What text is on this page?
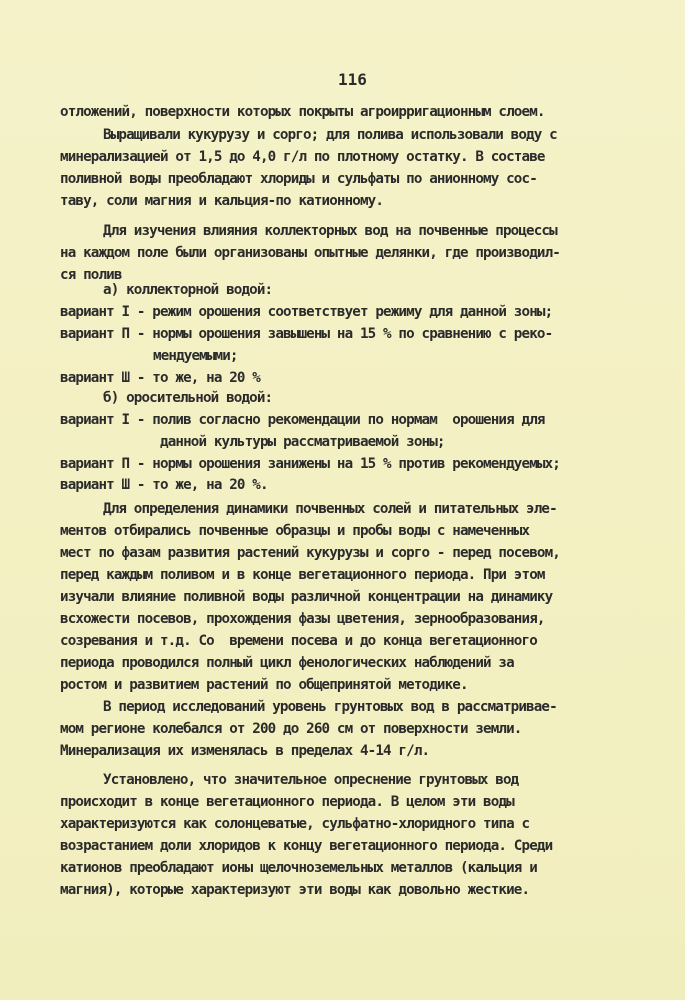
116
отложений, поверхности которых покрыты агроирригационным слоем.
Выращивали кукурузу и сорго; для полива использовали воду с
минерализацией от 1,5 до 4,0 г/л по плотному остатку. В составе
поливной воды преобладают хлориды и сульфаты по анионному сос-
таву, соли магния и кальция-по катионному.
Для изучения влияния коллекторных вод на почвенные процессы
на каждом поле были организованы опытные делянки, где производил-
ся полив
а) коллекторной водой:
вариант I - режим орошения соответствует режиму для данной зоны;
вариант П - нормы орошения завышены на 15 % по сравнению с реко-
мендуемыми;
вариант Ш - то же, на 20 %
б) оросительной водой:
вариант I - полив согласно рекомендации по нормам  орошения для
данной культуры рассматриваемой зоны;
вариант П - нормы орошения занижены на 15 % против рекомендуемых;
вариант Ш - то же, на 20 %.
Для определения динамики почвенных солей и питательных эле-
ментов отбирались почвенные образцы и пробы воды с намеченных
мест по фазам развития растений кукурузы и сорго - перед посевом,
перед каждым поливом и в конце вегетационного периода. При этом
изучали влияние поливной воды различной концентрации на динамику
всхожести посевов, прохождения фазы цветения, зернообразования,
созревания и т.д. Со  времени посева и до конца вегетационного
периода проводился полный цикл фенологических наблюдений за
ростом и развитием растений по общепринятой методике.
В период исследований уровень грунтовых вод в рассматривае-
мом регионе колебался от 200 до 260 см от поверхности земли.
Минерализация их изменялась в пределах 4-14 г/л.
Установлено, что значительное опреснение грунтовых вод
происходит в конце вегетационного периода. В целом эти воды
характеризуются как солонцеватые, сульфатно-хлоридного типа с
возрастанием доли хлоридов к концу вегетационного периода. Среди
катионов преобладают ионы щелочноземельных металлов (кальция и
магния), которые характеризуют эти воды как довольно жесткие.
